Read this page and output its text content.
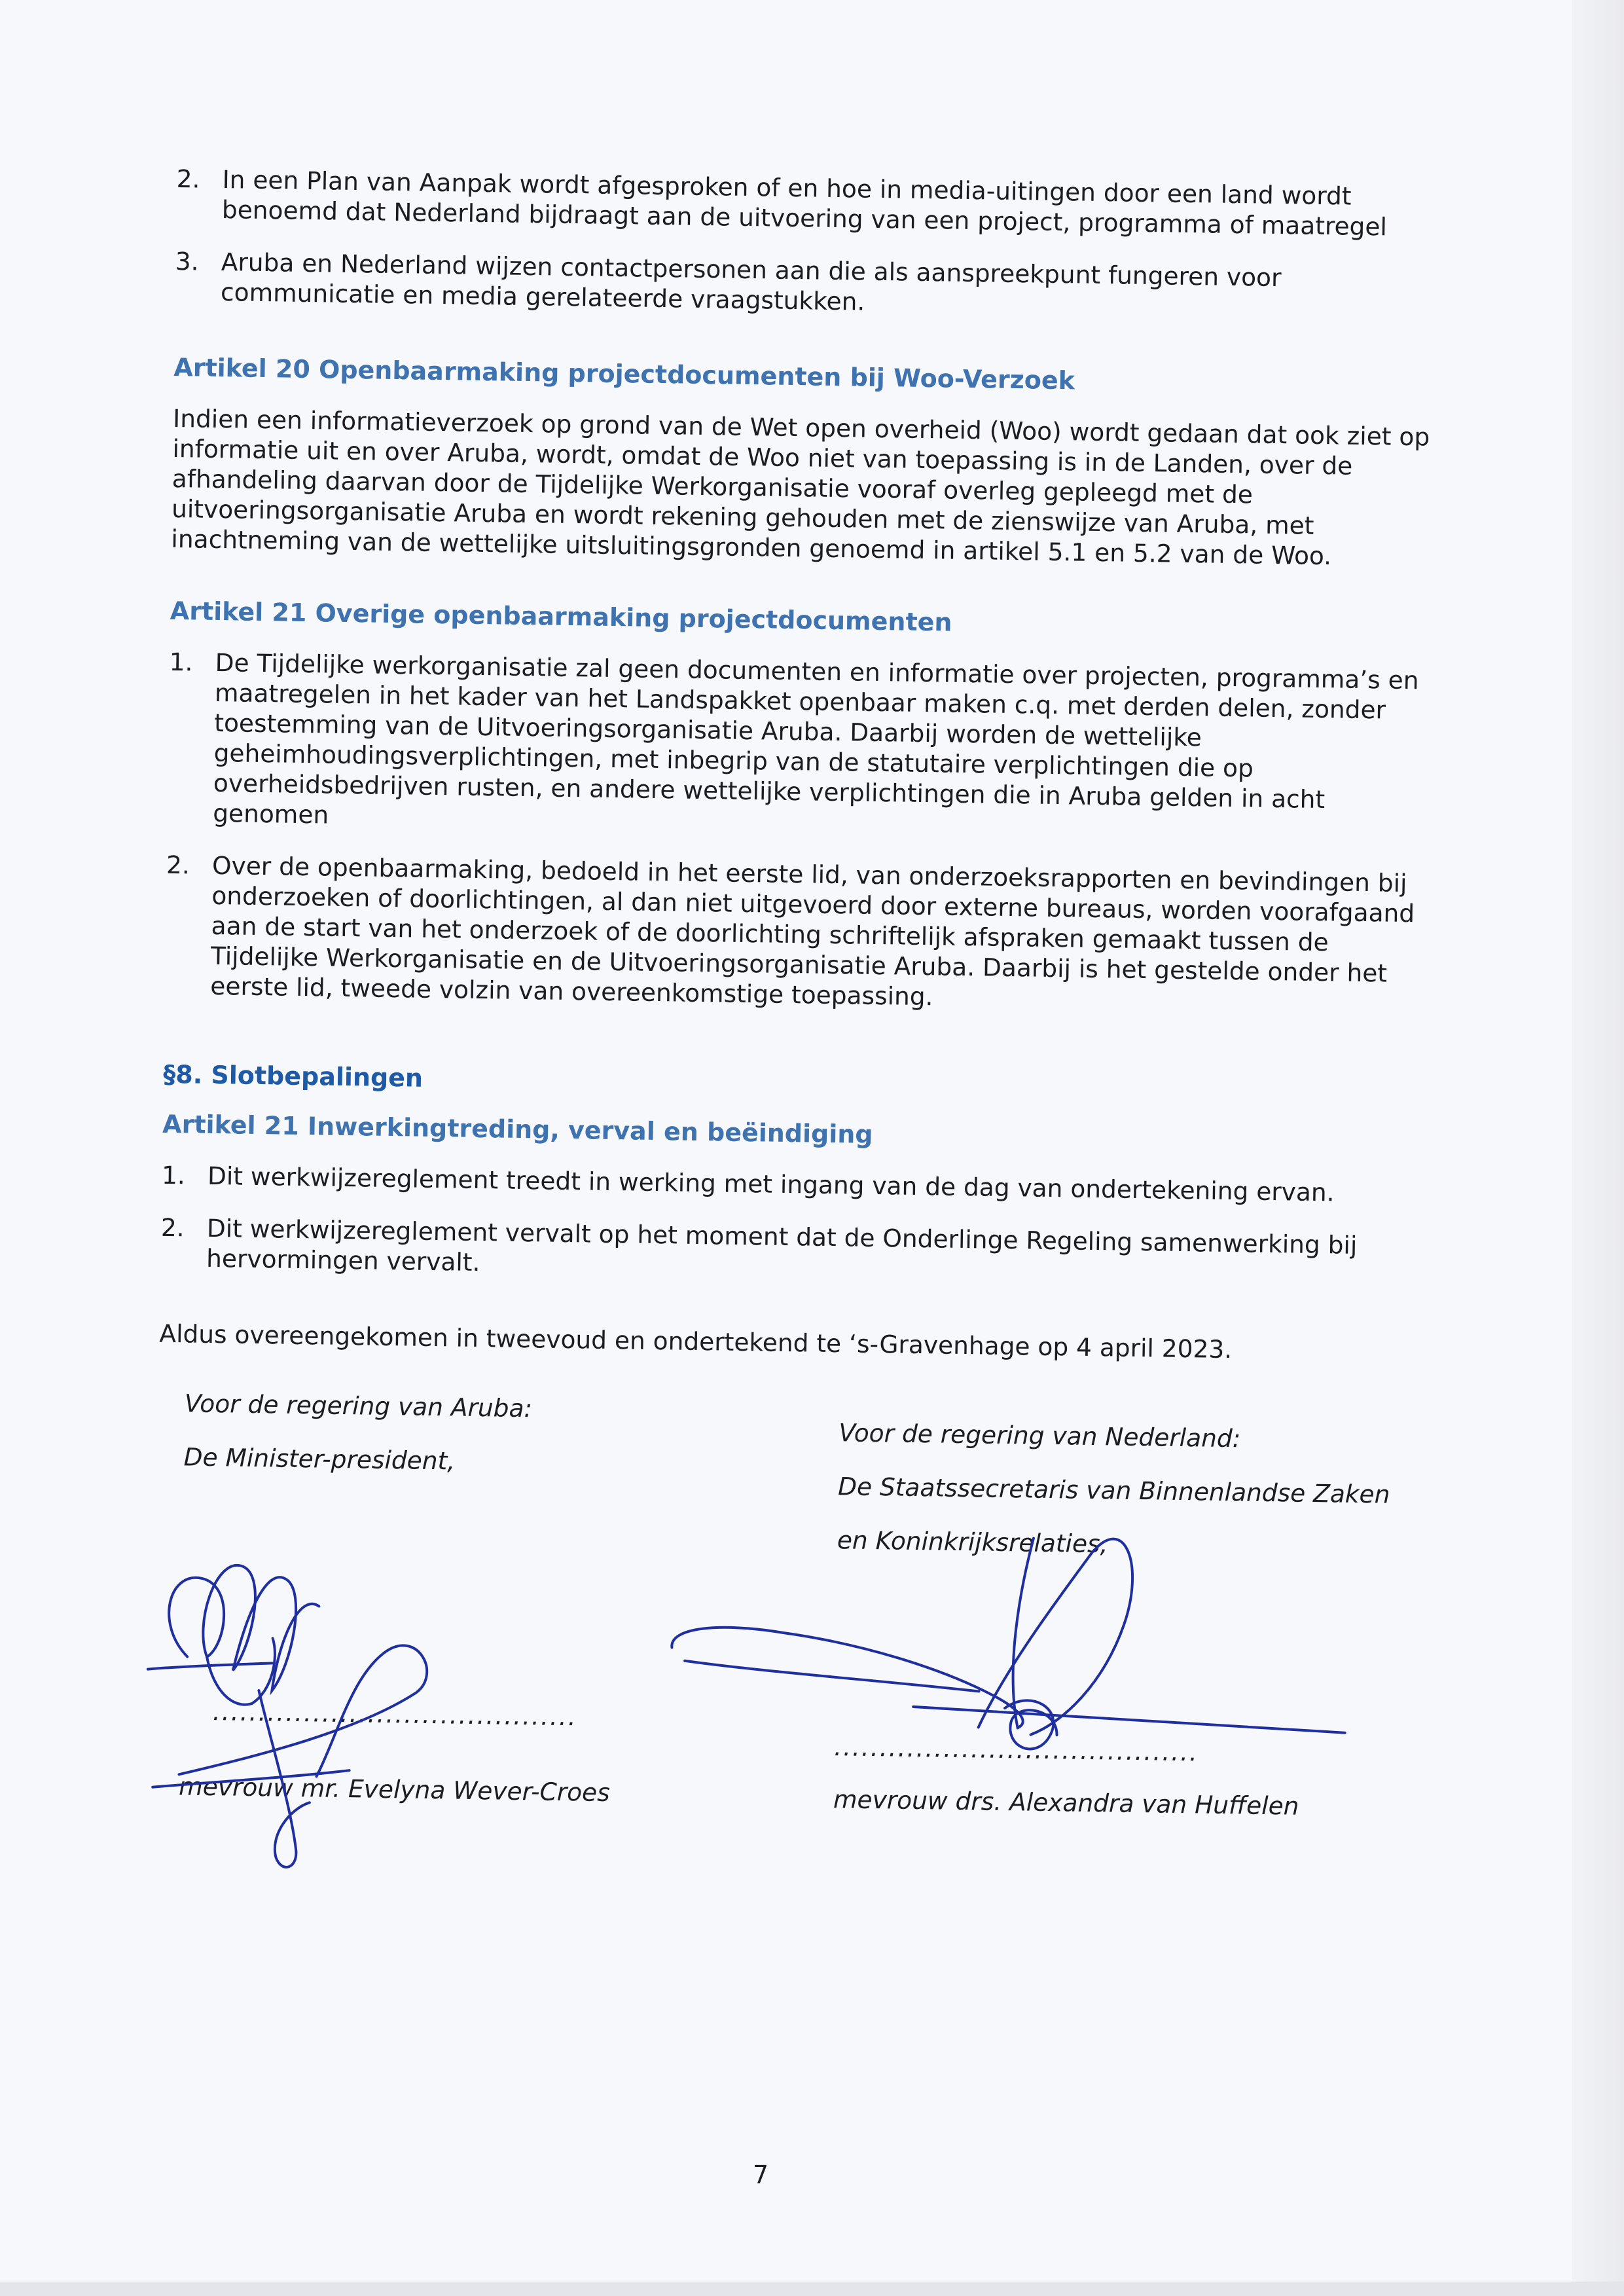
2. In een Plan van Aanpak wordt afgesproken of en hoe in media-uitingen door een land wordt benoemd dat Nederland bijdraagt aan de uitvoering van een project, programma of maatregel
3. Aruba en Nederland wijzen contactpersonen aan die als aanspreekpunt fungeren voor communicatie en media gerelateerde vraagstukken.
Artikel 20 Openbaarmaking projectdocumenten bij Woo-Verzoek

Indien een informatieverzoek op grond van de Wet open overheid (Woo) wordt gedaan dat ook ziet op informatie uit en over Aruba, wordt, omdat de Woo niet van toepassing is in de Landen, over de afhandeling daarvan door de Tijdelijke Werkorganisatie vooraf overleg gepleegd met de uitvoeringsorganisatie Aruba en wordt rekening gehouden met de zienswijze van Aruba, met inachtneming van de wettelijke uitsluitingsgronden genoemd in artikel 5.1 en 5.2 van de Woo.

Artikel 21 Overige openbaarmaking projectdocumenten
1. De Tijdelijke werkorganisatie zal geen documenten en informatie over projecten, programma’s en maatregelen in het kader van het Landspakket openbaar maken c.q. met derden delen, zonder toestemming van de Uitvoeringsorganisatie Aruba. Daarbij worden de wettelijke geheimhoudingsverplichtingen, met inbegrip van de statutaire verplichtingen die op overheidsbedrijven rusten, en andere wettelijke verplichtingen die in Aruba gelden in acht genomen
2. Over de openbaarmaking, bedoeld in het eerste lid, van onderzoeksrapporten en bevindingen bij onderzoeken of doorlichtingen, al dan niet uitgevoerd door externe bureaus, worden voorafgaand aan de start van het onderzoek of de doorlichting schriftelijk afspraken gemaakt tussen de Tijdelijke Werkorganisatie en de Uitvoeringsorganisatie Aruba. Daarbij is het gestelde onder het eerste lid, tweede volzin van overeenkomstige toepassing.
§8. Slotbepalingen
Artikel 21 Inwerkingtreding, verval en beëindiging
1. Dit werkwijzereglement treedt in werking met ingang van de dag van ondertekening ervan.
2. Dit werkwijzereglement vervalt op het moment dat de Onderlinge Regeling samenwerking bij hervormingen vervalt.

Aldus overeengekomen in tweevoud en ondertekend te ‘s-Gravenhage op 4 april 2023.

Voor de regering van Aruba:

De Minister-president,

........................................
mevrouw mr. Evelyna Wever-Croes

Voor de regering van Nederland:

De Staatssecretaris van Binnenlandse Zaken

en Koninkrijksrelaties,

........................................
mevrouw drs. Alexandra van Huffelen
7
